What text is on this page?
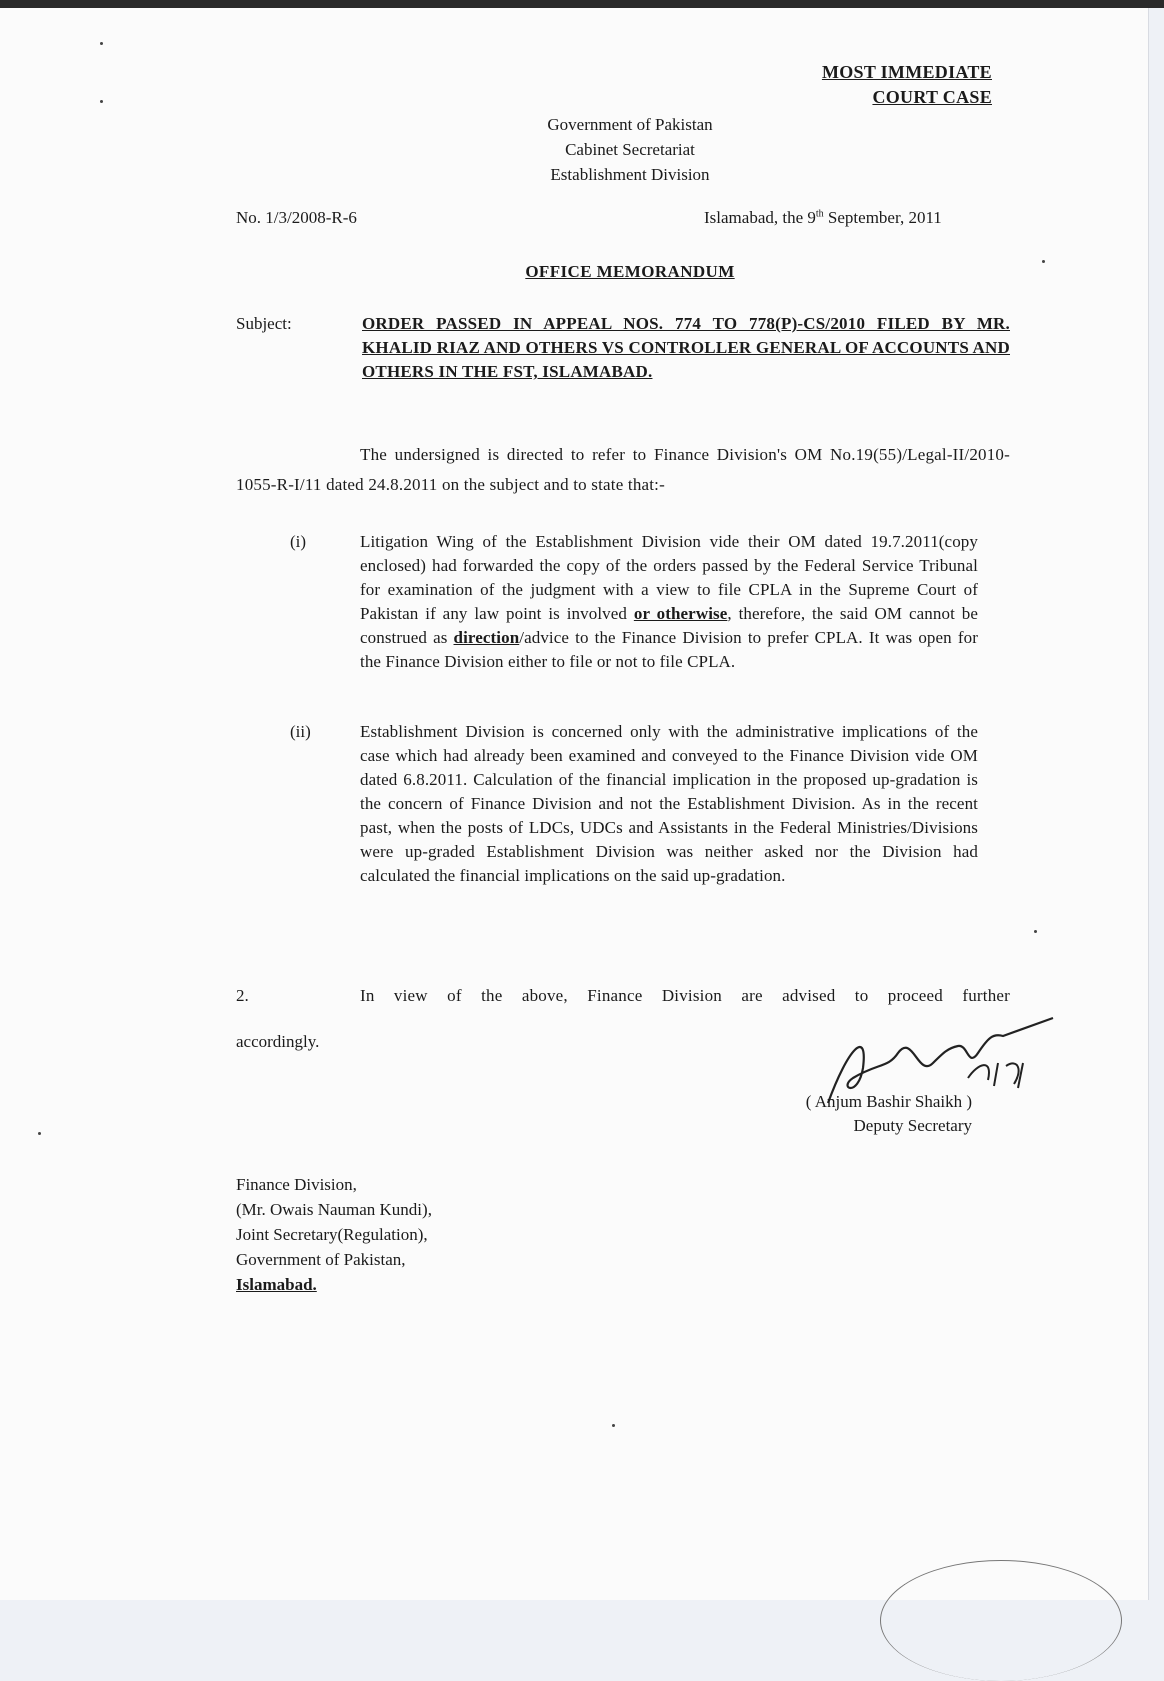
MOST IMMEDIATE
COURT CASE
Government of Pakistan
Cabinet Secretariat
Establishment Division
No. 1/3/2008-R-6	Islamabad, the 9th September, 2011
OFFICE MEMORANDUM
Subject:	ORDER PASSED IN APPEAL NOS. 774 TO 778(P)-CS/2010 FILED BY MR. KHALID RIAZ AND OTHERS VS CONTROLLER GENERAL OF ACCOUNTS AND OTHERS IN THE FST, ISLAMABAD.
The undersigned is directed to refer to Finance Division's OM No.19(55)/Legal-II/2010-1055-R-I/11 dated 24.8.2011 on the subject and to state that:-
(i)	Litigation Wing of the Establishment Division vide their OM dated 19.7.2011(copy enclosed) had forwarded the copy of the orders passed by the Federal Service Tribunal for examination of the judgment with a view to file CPLA in the Supreme Court of Pakistan if any law point is involved or otherwise, therefore, the said OM cannot be construed as direction/advice to the Finance Division to prefer CPLA. It was open for the Finance Division either to file or not to file CPLA.
(ii)	Establishment Division is concerned only with the administrative implications of the case which had already been examined and conveyed to the Finance Division vide OM dated 6.8.2011. Calculation of the financial implication in the proposed up-gradation is the concern of Finance Division and not the Establishment Division. As in the recent past, when the posts of LDCs, UDCs and Assistants in the Federal Ministries/Divisions were up-graded Establishment Division was neither asked nor the Division had calculated the financial implications on the said up-gradation.
2.	In view of the above, Finance Division are advised to proceed further
accordingly.
( Anjum Bashir Shaikh )
Deputy Secretary
Finance Division,
(Mr. Owais Nauman Kundi),
Joint Secretary(Regulation),
Government of Pakistan,
Islamabad.
